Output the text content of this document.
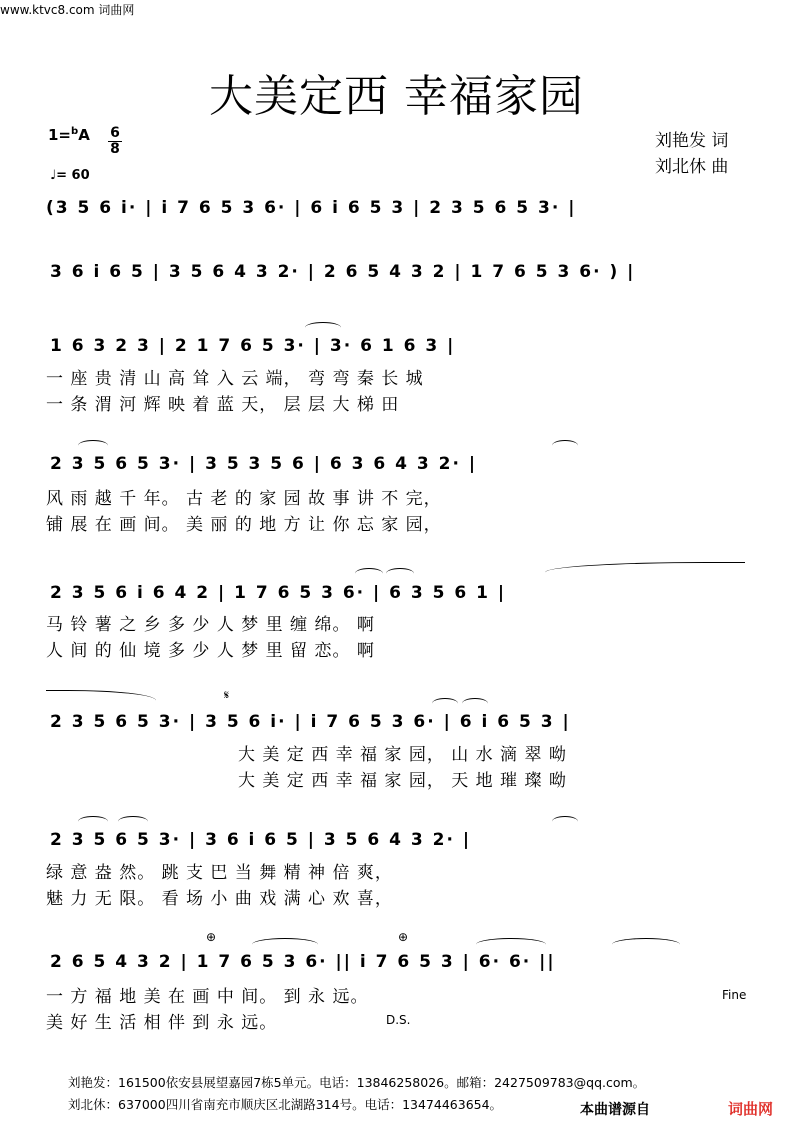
www.ktvc8.com 词曲网
大美定西 幸福家园
1=$^b$A 6
8
♩= 60
刘艳发 词
刘北休 曲
(3 5 6 i· | i 7 6 5 3 6· | 6 i 6 5 3 | 2 3 5 6 5 3· |
3 6 i 6 5 | 3 5 6 4 3 2· | 2 6 5 4 3 2 | 1 7 6 5 3 6· ) |
1 6 3 2 3 | 2 1 7 6 5 3· | 3· 6 1 6 3 |
一 座 贵 清 山 高 耸 入 云 端， 弯 弯 秦 长 城
一 条 渭 河 辉 映 着 蓝 天， 层 层 大 梯 田
2 3 5 6 5 3· | 3 5 3 5 6 | 6 3 6 4 3 2· |
风 雨 越 千 年。 古 老 的 家 园 故 事 讲 不 完，
铺 展 在 画 间。 美 丽 的 地 方 让 你 忘 家 园，
2 3 5 6 i 6 4 2 | 1 7 6 5 3 6· | 6 3 5 6 1 |
马 铃 薯 之 乡 多 少 人 梦 里 缠 绵。 啊
人 间 的 仙 境 多 少 人 梦 里 留 恋。 啊
𝄋
2 3 5 6 5 3· | 3 5 6 i· | i 7 6 5 3 6· | 6 i 6 5 3 |
大 美 定 西 幸 福 家 园， 山 水 滴 翠 呦
大 美 定 西 幸 福 家 园， 天 地 璀 璨 呦
2 3 5 6 5 3· | 3 6 i 6 5 | 3 5 6 4 3 2· |
绿 意 盎 然。 跳 支 巴 当 舞 精 神 倍 爽，
魅 力 无 限。 看 场 小 曲 戏 满 心 欢 喜，
⊕	⊕
2 6 5 4 3 2 | 1 7 6 5 3 6· || i 7 6 5 3 | 6· 6· ||
一 方 福 地 美 在 画 中 间。 到 永 远。
美 好 生 活 相 伴 到 永 远。	D.S.
Fine
刘艳发：161500依安县展望嘉园7栋5单元。电话：13846258026。邮箱：2427509783@qq.com。
刘北休：637000四川省南充市顺庆区北湖路314号。电话：13474463654。	本曲谱源自	词曲网
